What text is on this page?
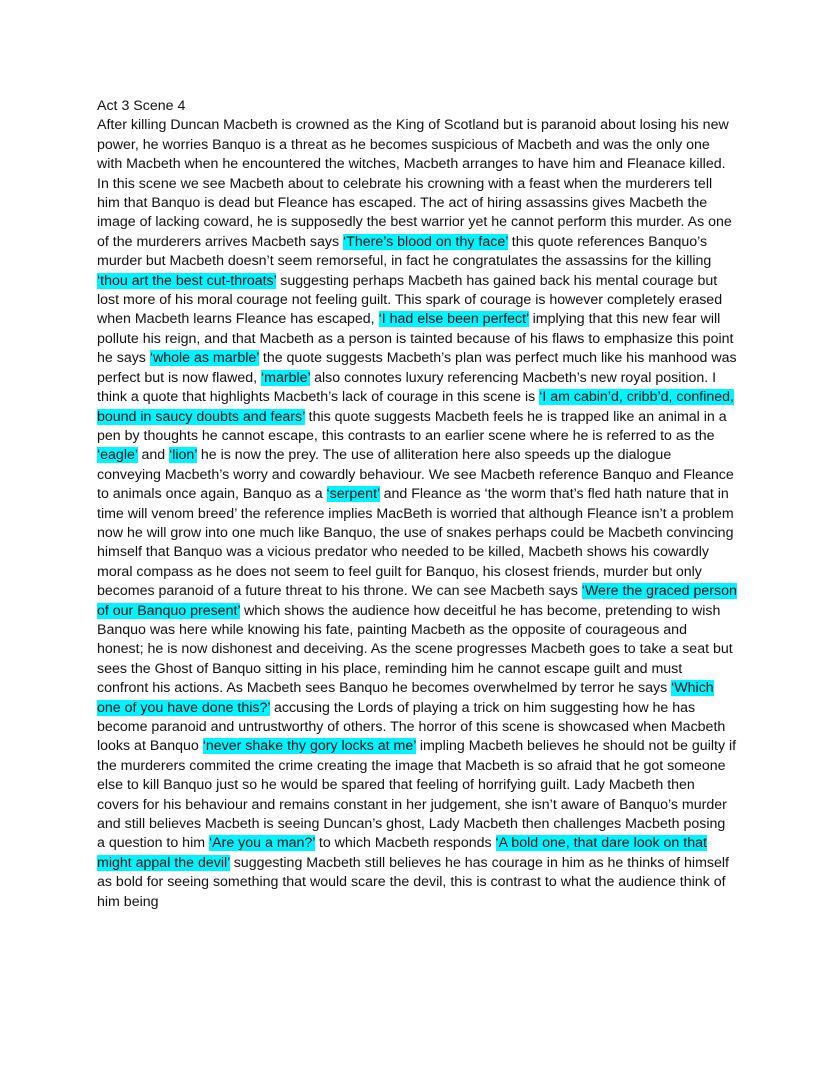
Act 3 Scene 4

After killing Duncan Macbeth is crowned as the King of Scotland but is paranoid about losing his new power, he worries Banquo is a threat as he becomes suspicious of Macbeth and was the only one with Macbeth when he encountered the witches, Macbeth arranges to have him and Fleanace killed. In this scene we see Macbeth about to celebrate his crowning with a feast when the murderers tell him that Banquo is dead but Fleance has escaped. The act of hiring assassins gives Macbeth the image of lacking coward, he is supposedly the best warrior yet he cannot perform this murder. As one of the murderers arrives Macbeth says ‘There’s blood on thy face’ this quote references Banquo’s murder but Macbeth doesn’t seem remorseful, in fact he congratulates the assassins for the killing ‘thou art the best cut-throats’ suggesting perhaps Macbeth has gained back his mental courage but lost more of his moral courage not feeling guilt. This spark of courage is however completely erased when Macbeth learns Fleance has escaped, ‘I had else been perfect’ implying that this new fear will pollute his reign, and that Macbeth as a person is tainted because of his flaws to emphasize this point he says ‘whole as marble’ the quote suggests Macbeth’s plan was perfect much like his manhood was perfect but is now flawed, ‘marble’ also connotes luxury referencing Macbeth’s new royal position. I think a quote that highlights Macbeth’s lack of courage in this scene is ‘I am cabin’d, cribb’d, confined, bound in saucy doubts and fears’ this quote suggests Macbeth feels he is trapped like an animal in a pen by thoughts he cannot escape, this contrasts to an earlier scene where he is referred to as the ‘eagle’ and ‘lion’ he is now the prey. The use of alliteration here also speeds up the dialogue conveying Macbeth’s worry and cowardly behaviour. We see Macbeth reference Banquo and Fleance to animals once again, Banquo as a ‘serpent’ and Fleance as ‘the worm that’s fled hath nature that in time will venom breed’ the reference implies MacBeth is worried that although Fleance isn’t a problem now he will grow into one much like Banquo, the use of snakes perhaps could be Macbeth convincing himself that Banquo was a vicious predator who needed to be killed, Macbeth shows his cowardly moral compass as he does not seem to feel guilt for Banquo, his closest friends, murder but only becomes paranoid of a future threat to his throne. We can see Macbeth says ‘Were the graced person of our Banquo present’ which shows the audience how deceitful he has become, pretending to wish Banquo was here while knowing his fate, painting Macbeth as the opposite of courageous and honest; he is now dishonest and deceiving. As the scene progresses Macbeth goes to take a seat but sees the Ghost of Banquo sitting in his place, reminding him he cannot escape guilt and must confront his actions. As Macbeth sees Banquo he becomes overwhelmed by terror he says ‘Which one of you have done this?’ accusing the Lords of playing a trick on him suggesting how he has become paranoid and untrustworthy of others. The horror of this scene is showcased when Macbeth looks at Banquo ‘never shake thy gory locks at me’ impling Macbeth believes he should not be guilty if the murderers commited the crime creating the image that Macbeth is so afraid that he got someone else to kill Banquo just so he would be spared that feeling of horrifying guilt. Lady Macbeth then covers for his behaviour and remains constant in her judgement, she isn’t aware of Banquo’s murder and still believes Macbeth is seeing Duncan’s ghost, Lady Macbeth then challenges Macbeth posing a question to him ‘Are you a man?’ to which Macbeth responds ‘A bold one, that dare look on that might appal the devil’ suggesting Macbeth still believes he has courage in him as he thinks of himself as bold for seeing something that would scare the devil, this is contrast to what the audience think of him being
